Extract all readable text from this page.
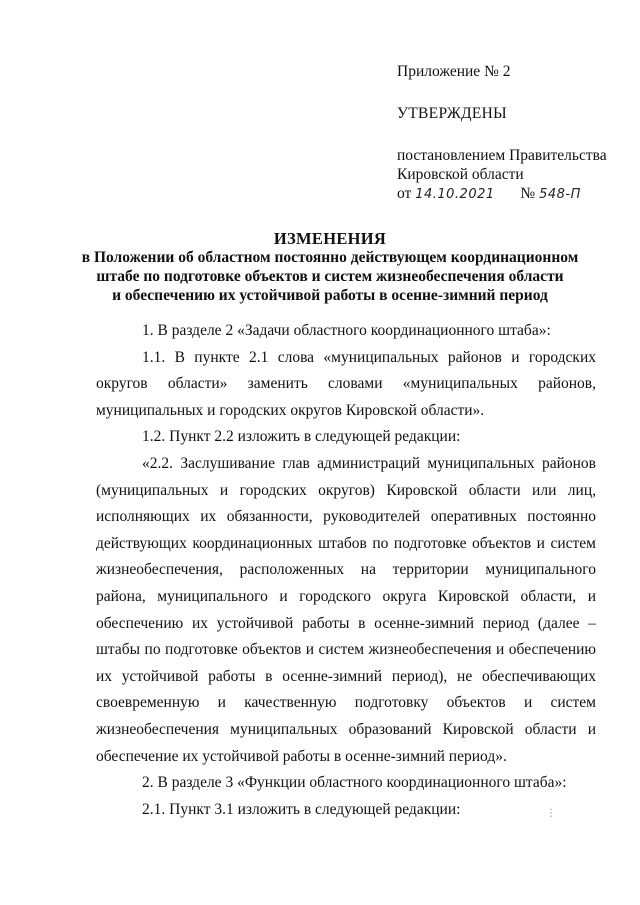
Приложение № 2
УТВЕРЖДЕНЫ
постановлением Правительства
Кировской области
от 14.10.2021 № 548-П
ИЗМЕНЕНИЯ
в Положении об областном постоянно действующем координационном
штабе по подготовке объектов и систем жизнеобеспечения области
и обеспечению их устойчивой работы в осенне-зимний период

1. В разделе 2 «Задачи областного координационного штаба»:

1.1. В пункте 2.1 слова «муниципальных районов и городских округов области» заменить словами «муниципальных районов, муниципальных и городских округов Кировской области».

1.2. Пункт 2.2 изложить в следующей редакции:

«2.2. Заслушивание глав администраций муниципальных районов (муниципальных и городских округов) Кировской области или лиц, исполняющих их обязанности, руководителей оперативных постоянно действующих координационных штабов по подготовке объектов и систем жизнеобеспечения, расположенных на территории муниципального района, муниципального и городского округа Кировской области, и обеспечению их устойчивой работы в осенне-зимний период (далее – штабы по подготовке объектов и систем жизнеобеспечения и обеспечению их устойчивой работы в осенне-зимний период), не обеспечивающих своевременную и качественную подготовку объектов и систем жизнеобеспечения муниципальных образований Кировской области и обеспечение их устойчивой работы в осенне-зимний период».

2. В разделе 3 «Функции областного координационного штаба»:

2.1. Пункт 3.1 изложить в следующей редакции:	⋮
